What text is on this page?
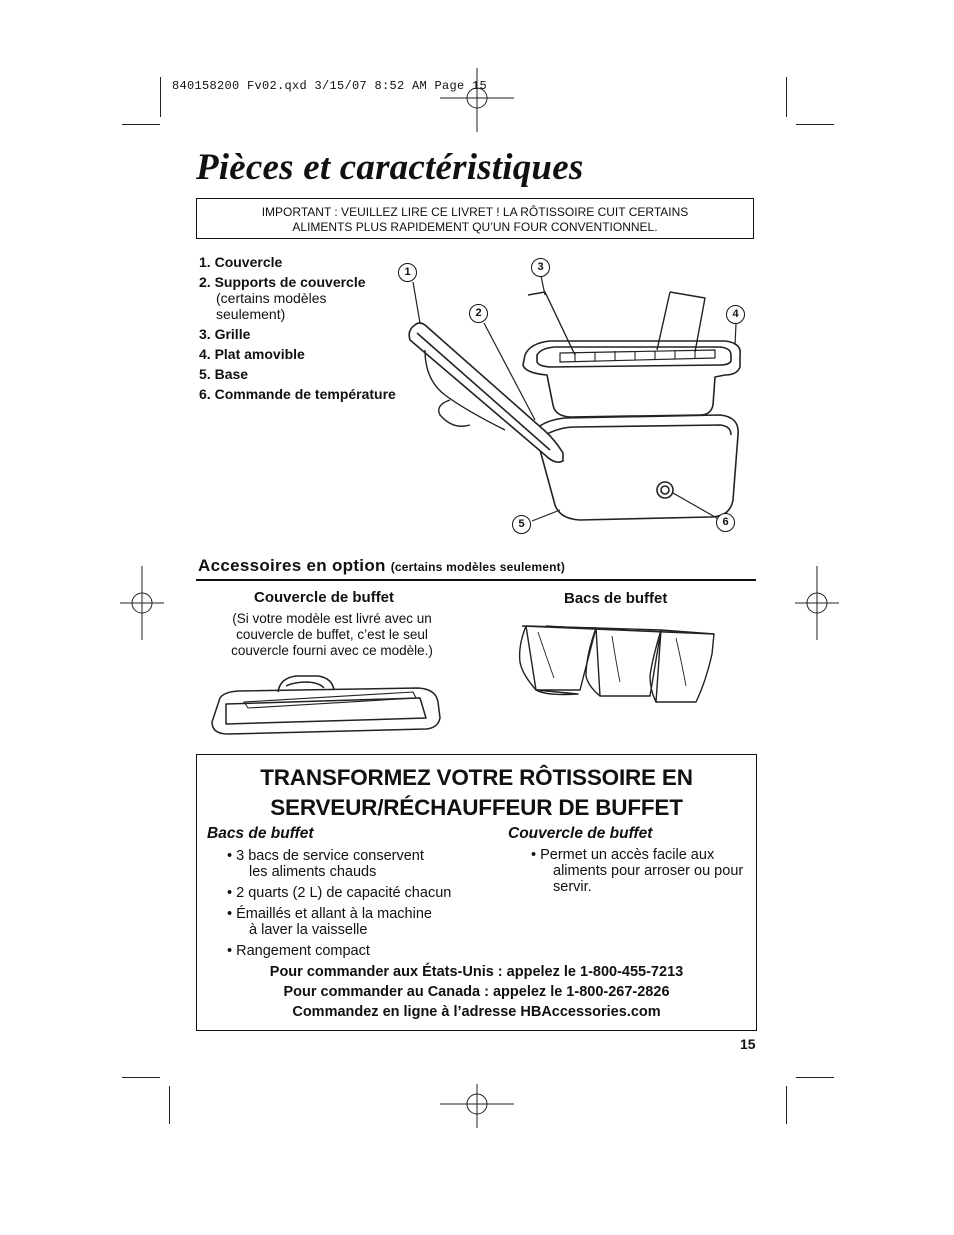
840158200 Fv02.qxd 3/15/07 8:52 AM Page 15
Pièces et caractéristiques
IMPORTANT : VEUILLEZ LIRE CE LIVRET ! LA RÔTISSOIRE CUIT CERTAINS
ALIMENTS PLUS RAPIDEMENT QU’UN FOUR CONVENTIONNEL.
1. Couvercle
2. Supports de couvercle
(certains modèles
seulement)
3. Grille
4. Plat amovible
5. Base
6. Commande de température
1
2
3
4
5	6
Accessoires en option (certains modèles seulement)
Couvercle de buffet
(Si votre modèle est livré avec un
couvercle de buffet, c’est le seul
couvercle fourni avec ce modèle.)
Bacs de buffet
TRANSFORMEZ VOTRE RÔTISSOIRE EN
SERVEUR/RÉCHAUFFEUR DE BUFFET
Bacs de buffet
• 3 bacs de service conservent
les aliments chauds
• 2 quarts (2 L) de capacité chacun
• Émaillés et allant à la machine
à laver la vaisselle
• Rangement compact
Couvercle de buffet
• Permet un accès facile aux
aliments pour arroser ou pour
servir.
Pour commander aux États-Unis : appelez le 1-800-455-7213
Pour commander au Canada : appelez le 1-800-267-2826
Commandez en ligne à l’adresse HBAccessories.com
15
